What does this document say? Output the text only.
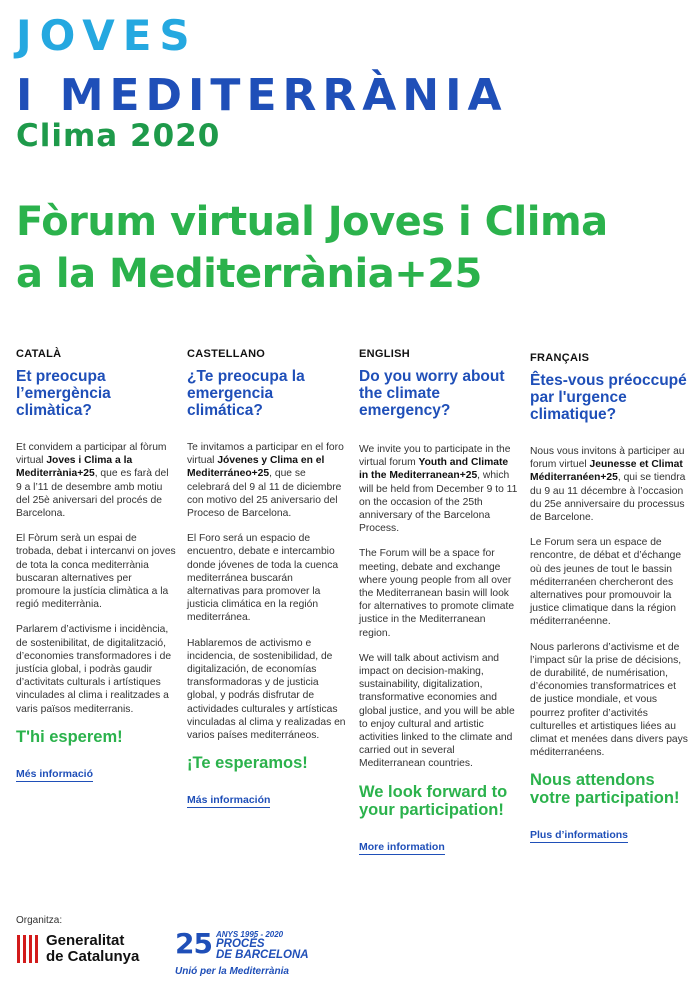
JOVES
I MEDITERRÀNIA
Clima 2020
Fòrum virtual Joves i Clima
a la Mediterrània+25
CATALÀ
Et preocupa l’emergència climàtica?

Et convidem a participar al fòrum virtual Joves i Clima a la Mediterrània+25, que es farà del 9 a l’11 de desembre amb motiu del 25è aniversari del procés de Barcelona.

El Fòrum serà un espai de trobada, debat i intercanvi on joves de tota la conca mediterrània buscaran alternatives per promoure la justícia climàtica a la regió mediterrània.

Parlarem d’activisme i incidència, de sostenibilitat, de digitalització, d’economies transformadores i de justícia global, i podràs gaudir d’activitats culturals i artístiques vinculades al clima i realitzades a varis països mediterranis.

T'hi esperem!
Més informació
CASTELLANO
¿Te preocupa la emergencia climática?

Te invitamos a participar en el foro virtual Jóvenes y Clima en el Mediterráneo+25, que se celebrará del 9 al 11 de diciembre con motivo del 25 aniversario del Proceso de Barcelona.

El Foro será un espacio de encuentro, debate e intercambio donde jóvenes de toda la cuenca mediterránea buscarán alternativas para promover la justicia climática en la región mediterránea.

Hablaremos de activismo e incidencia, de sostenibilidad, de digitalización, de economías transformadoras y de justicia global, y podrás disfrutar de actividades culturales y artísticas vinculadas al clima y realizadas en varios países mediterráneos.

¡Te esperamos!
Más información
ENGLISH
Do you worry about the climate emergency?

We invite you to participate in the virtual forum Youth and Climate in the Mediterranean+25, which will be held from December 9 to 11 on the occasion of the 25th anniversary of the Barcelona Process.

The Forum will be a space for meeting, debate and exchange where young people from all over the Mediterranean basin will look for alternatives to promote climate justice in the Mediterranean region.

We will talk about activism and impact on decision-making, sustainability, digitalization, transformative economies and global justice, and you will be able to enjoy cultural and artistic activities linked to the climate and carried out in several Mediterranean countries.

We look forward to your participation!
More information
FRANÇAIS
Êtes-vous préoccupé par l'urgence climatique?

Nous vous invitons à participer au forum virtuel Jeunesse et Climat Méditerranéen+25, qui se tiendra du 9 au 11 décembre à l’occasion du 25e anniversaire du processus de Barcelone.

Le Forum sera un espace de rencontre, de débat et d’échange où des jeunes de tout le bassin méditerranéen chercheront des alternatives pour promouvoir la justice climatique dans la région méditerranéenne.

Nous parlerons d’activisme et de l’impact sûr la prise de décisions, de durabilité, de numérisation, d’économies transformatrices et de justice mondiale, et vous pourrez profiter d’activités culturelles et artistiques liées au climat et menées dans divers pays méditerranéens.

Nous attendons votre participation!
Plus d’informations
Organitza:
Generalitat
de Catalunya 25 ANYS 1995 - 2020
PROCÉS
DE BARCELONA
Unió per la Mediterrània
